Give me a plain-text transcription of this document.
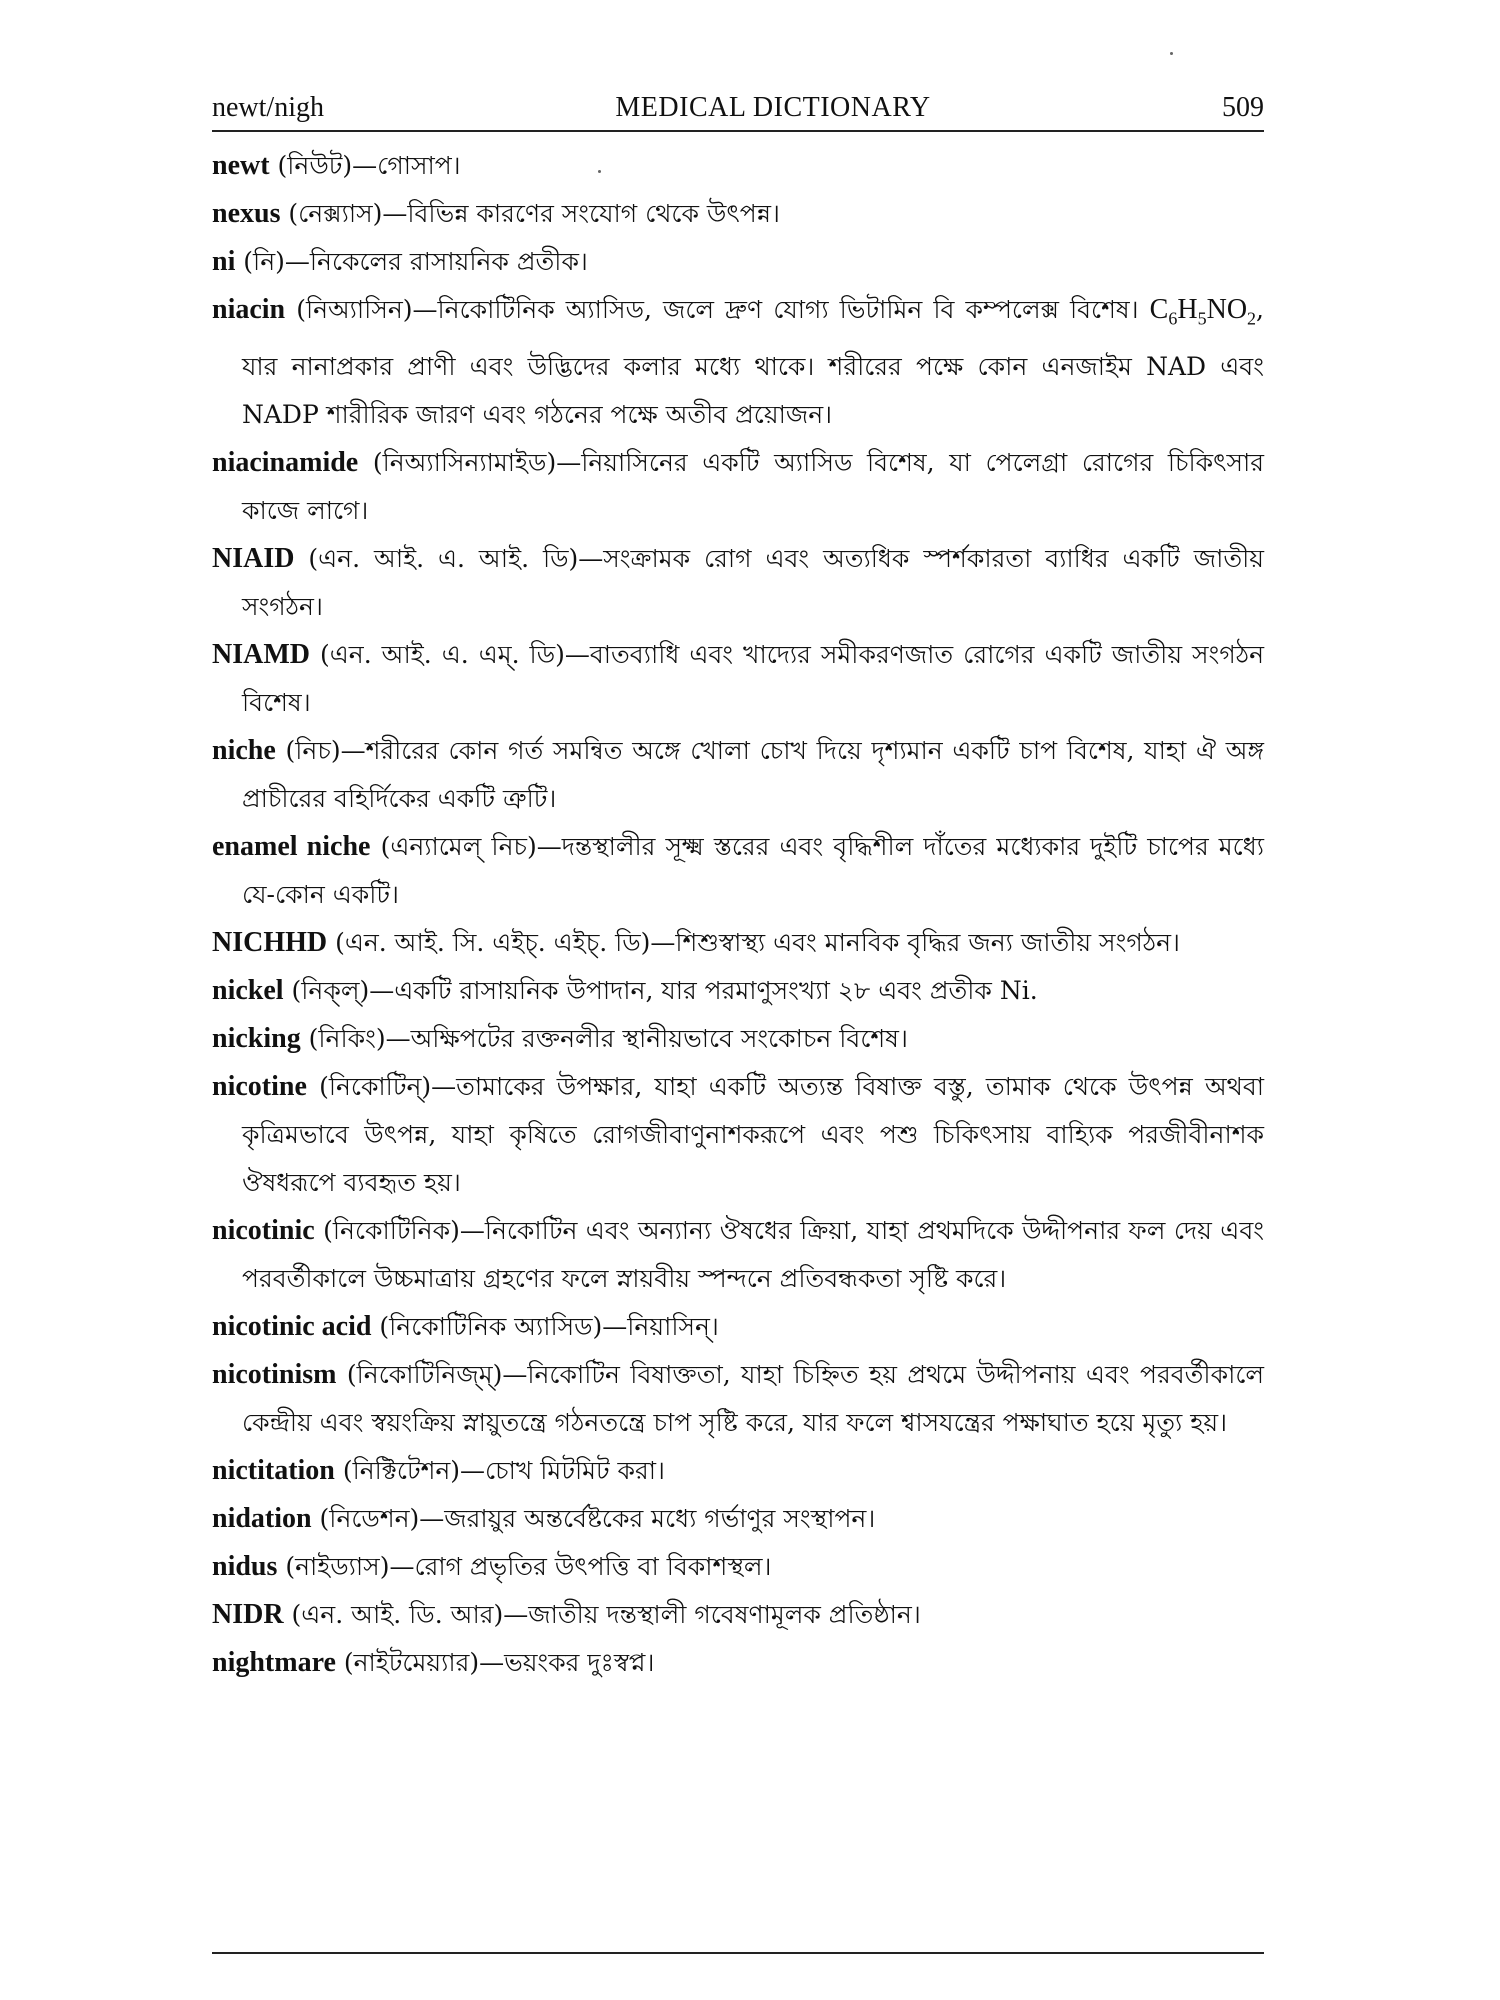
newt/nigh	MEDICAL DICTIONARY	509

newt (নিউট)—গোসাপ।

nexus (নেক্স্যাস)—বিভিন্ন কারণের সংযোগ থেকে উৎপন্ন।

ni (নি)—নিকেলের রাসায়নিক প্রতীক।

niacin (নিঅ্যাসিন)—নিকোটিনিক অ্যাসিড, জলে দ্রুণ যোগ্য ভিটামিন বি কম্পলেক্স বিশেষ। $C_6H_5NO_2$, যার নানাপ্রকার প্রাণী এবং উদ্ভিদের কলার মধ্যে থাকে। শরীরের পক্ষে কোন এনজাইম NAD এবং NADP শারীরিক জারণ এবং গঠনের পক্ষে অতীব প্রয়োজন।

niacinamide (নিঅ্যাসিন্যামাইড)—নিয়াসিনের একটি অ্যাসিড বিশেষ, যা পেলেগ্রা রোগের চিকিৎসার কাজে লাগে।

NIAID (এন. আই. এ. আই. ডি)—সংক্রামক রোগ এবং অত্যধিক স্পর্শকারতা ব্যাধির একটি জাতীয় সংগঠন।

NIAMD (এন. আই. এ. এম্. ডি)—বাতব্যাধি এবং খাদ্যের সমীকরণজাত রোগের একটি জাতীয় সংগঠন বিশেষ।

niche (নিচ)—শরীরের কোন গর্ত সমন্বিত অঙ্গে খোলা চোখ দিয়ে দৃশ্যমান একটি চাপ বিশেষ, যাহা ঐ অঙ্গ প্রাচীরের বহির্দিকের একটি ত্রুটি।

enamel niche (এন্যামেল্ নিচ)—দন্তস্থালীর সূক্ষ্ম স্তরের এবং বৃদ্ধিশীল দাঁতের মধ্যেকার দুইটি চাপের মধ্যে যে-কোন একটি।

NICHHD (এন. আই. সি. এইচ্. এইচ্. ডি)—শিশুস্বাস্থ্য এবং মানবিক বৃদ্ধির জন্য জাতীয় সংগঠন।

nickel (নিক্ল্)—একটি রাসায়নিক উপাদান, যার পরমাণুসংখ্যা ২৮ এবং প্রতীক Ni.

nicking (নিকিং)—অক্ষিপটের রক্তনলীর স্থানীয়ভাবে সংকোচন বিশেষ।

nicotine (নিকোটিন্)—তামাকের উপক্ষার, যাহা একটি অত্যন্ত বিষাক্ত বস্তু, তামাক থেকে উৎপন্ন অথবা কৃত্রিমভাবে উৎপন্ন, যাহা কৃষিতে রোগজীবাণুনাশকরূপে এবং পশু চিকিৎসায় বাহ্যিক পরজীবীনাশক ঔষধরূপে ব্যবহৃত হয়।

nicotinic (নিকোটিনিক)—নিকোটিন এবং অন্যান্য ঔষধের ক্রিয়া, যাহা প্রথমদিকে উদ্দীপনার ফল দেয় এবং পরবর্তীকালে উচ্চমাত্রায় গ্রহণের ফলে স্নায়বীয় স্পন্দনে প্রতিবন্ধকতা সৃষ্টি করে।

nicotinic acid (নিকোটিনিক অ্যাসিড)—নিয়াসিন্।

nicotinism (নিকোটিনিজ্ম্)—নিকোটিন বিষাক্ততা, যাহা চিহ্নিত হয় প্রথমে উদ্দীপনায় এবং পরবর্তীকালে কেন্দ্রীয় এবং স্বয়ংক্রিয় স্নায়ুতন্ত্রে গঠনতন্ত্রে চাপ সৃষ্টি করে, যার ফলে শ্বাসযন্ত্রের পক্ষাঘাত হয়ে মৃত্যু হয়।

nictitation (নিক্টিটেশন)—চোখ মিটমিট করা।

nidation (নিডেশন)—জরায়ুর অন্তর্বেষ্টকের মধ্যে গর্ভাণুর সংস্থাপন।

nidus (নাইড্যাস)—রোগ প্রভৃতির উৎপত্তি বা বিকাশস্থল।

NIDR (এন. আই. ডি. আর)—জাতীয় দন্তস্থালী গবেষণামূলক প্রতিষ্ঠান।

nightmare (নাইটমেয়্যার)—ভয়ংকর দুঃস্বপ্ন।
